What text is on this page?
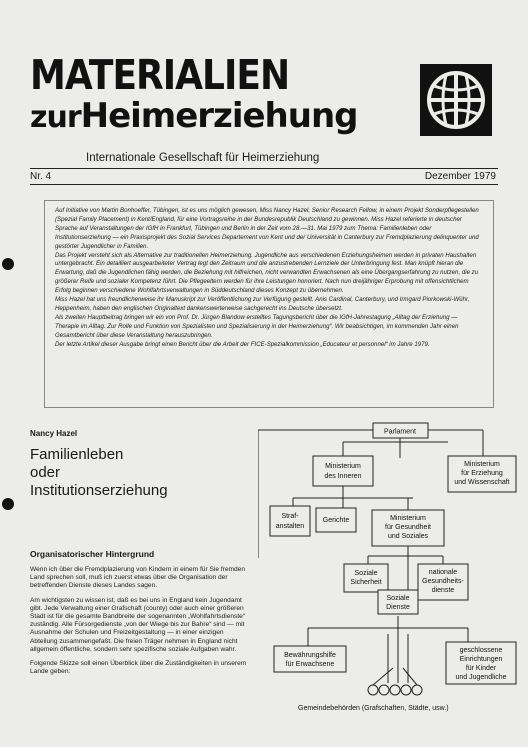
MATERIALIEN
zurHeimerziehung
Internationale Gesellschaft für Heimerziehung
Nr. 4	Dezember 1979

Auf Initiative von Martin Bonhoeffer, Tübingen, ist es uns möglich gewesen, Miss Nancy Hazel, Senior Research Fellow, in einem Projekt Sonderpflegestellen (Spezial Family Placement) in Kent/England, für eine Vortragsreihe in der Bundesrepublik Deutschland zu gewinnen. Miss Hazel referierte in deutscher Sprache auf Veranstaltungen der IGfH in Frankfurt, Tübingen und Berlin in der Zeit vom 28.—31. Mai 1979 zum Thema: Familienleben oder Institutionserziehung — ein Praxisprojekt des Sozial Services Departement von Kent und der Universität in Canterbury zur Fremdplazierung delinquenter und gestörter Jugendlicher in Familien.

Das Projekt versteht sich als Alternative zur traditionellen Heimerziehung. Jugendliche aus verschiedenen Erziehungsheimen werden in privaten Haushalten untergebracht. Ein detailliert ausgearbeiteter Vertrag legt den Zeitraum und die anzustrebenden Lernziele der Unterbringung fest. Man knüpft hieran die Erwartung, daß die Jugendlichen fähig werden, die Beziehung mit hilfreichen, nicht verwandten Erwachsenen als eine Übergangserfahrung zu nutzen, die zu größerer Reife und sozialer Kompetenz führt. Die Pflegeeltern werden für ihre Leistungen honoriert. Nach nun dreijähriger Erprobung mit offensichtlichem Erfolg beginnen verschiedene Wohlfahrtsverwaltungen in Süddeutschland dieses Konzept zu übernehmen.

Miss Hazel hat uns freundlicherweise ihr Manuskript zur Veröffentlichung zur Verfügung gestellt. Anis Cardinal, Canterbury, und Irmgard Piorkowski-Wühr, Heppenheim, haben den englischen Originaltext dankenswerterweise sachgerecht ins Deutsche übersetzt.

Als zweiten Hauptbeitrag bringen wir ein von Prof. Dr. Jürgen Blandow erstelltes Tagungsbericht über die IGfH-Jahrestagung „Alltag der Erziehung — Therapie im Alltag. Zur Rolle und Funktion von Spezialisten und Spezialisierung in der Heimerziehung“. Wir beabsichtigen, im kommenden Jahr einen Gesamtbericht über diese Veranstaltung herauszubringen.

Der letzte Artikel dieser Ausgabe bringt einen Bericht über die Arbeit der FICE-Spezialkommission „Educateur et personnel“ im Jahre 1979.

Nancy Hazel
Familienleben
oder
Institutionserziehung
Organisatorischer Hintergrund

Wenn ich über die Fremdplazierung von Kindern in einem für Sie fremden Land sprechen soll, muß ich zuerst etwas über die Organisation der betreffenden Dienste dieses Landes sagen.

Am wichtigsten zu wissen ist, daß es bei uns in England kein Jugendamt gibt. Jede Verwaltung einer Grafschaft (county) oder auch einer größeren Stadt ist für die gesamte Bandbreite der sogenannten „Wohlfahrtsdienste“ zuständig. Alle Fürsorgedienste „von der Wiege bis zur Bahre“ sind — mit Ausnahme der Schulen und Freizeitgestaltung — in einer einzigen Abteilung zusammengefaßt. Die freien Träger nehmen in England nicht allgemein öffentliche, sondern sehr spezifische soziale Aufgaben wahr.

Folgende Skizze soll einen Überblick über die Zuständigkeiten in unserem Lande geben:

Parlament
Ministerium
des Inneren
Ministerium
für Erziehung
und Wissenschaft
Straf-
anstalten
Gerichte	Ministerium
für Gesundheit
und Soziales
Soziale
Sicherheit
nationale
Gesundheits-
dienste
Soziale
Dienste
Bewährungshilfe
für Erwachsene
geschlossene
Einrichtungen
für Kinder
und Jugendliche
Gemeindebehörden (Grafschaften, Städte, usw.)
